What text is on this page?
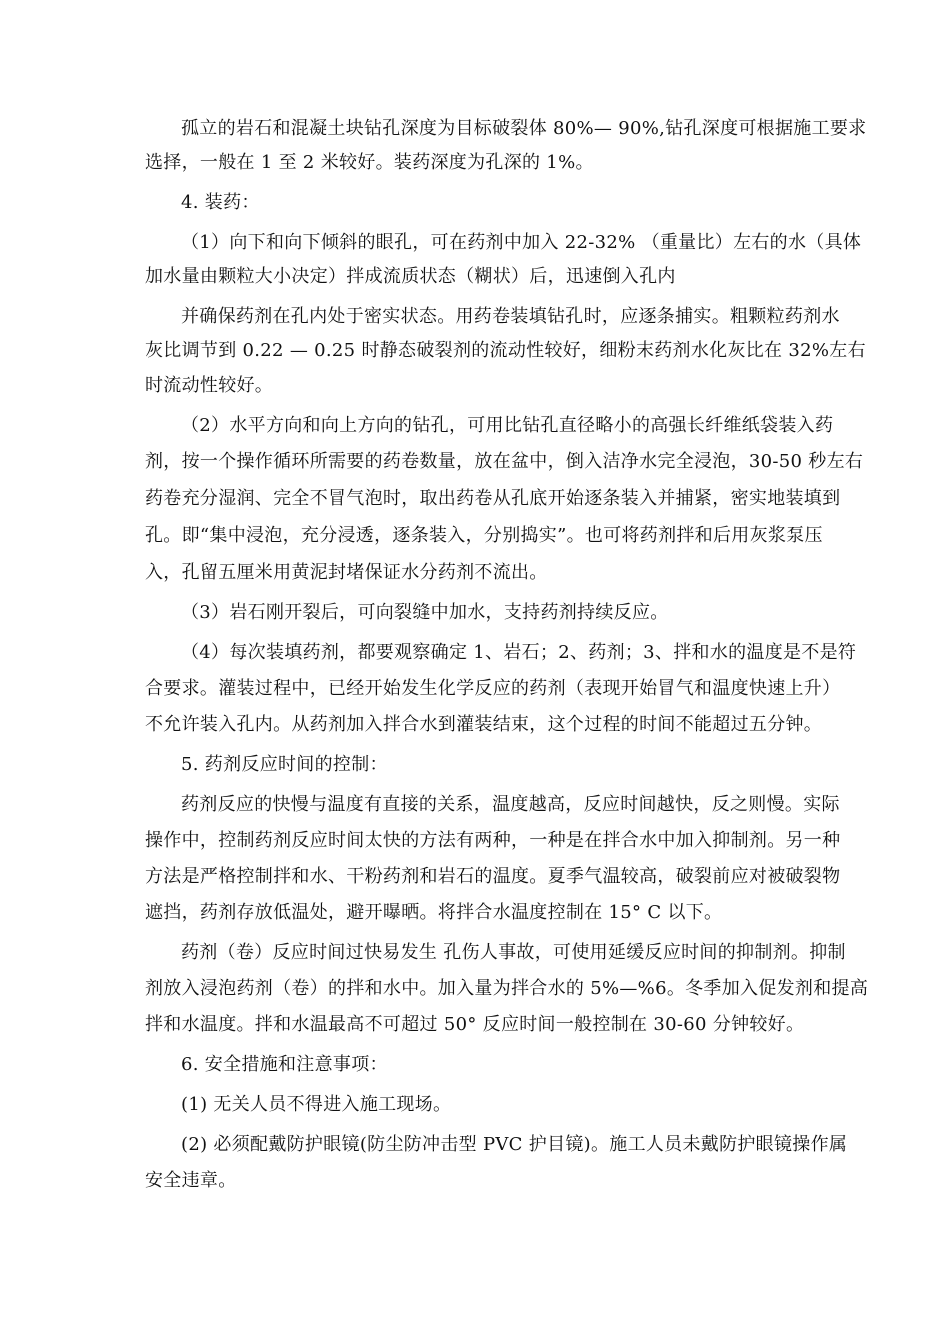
孤立的岩石和混凝土块钻孔深度为目标破裂体 80%— 90%,钻孔深度可根据施工要求
选择，一般在 1 至 2 米较好。装药深度为孔深的 1%。
4. 装药：
（1）向下和向下倾斜的眼孔，可在药剂中加入 22-32% （重量比）左右的水（具体
加水量由颗粒大小决定）拌成流质状态（糊状）后，迅速倒入孔内
并确保药剂在孔内处于密实状态。用药卷装填钻孔时，应逐条捕实。粗颗粒药剂水
灰比调节到 0.22 — 0.25 时静态破裂剂的流动性较好，细粉末药剂水化灰比在 32%左右
时流动性较好。
（2）水平方向和向上方向的钻孔，可用比钻孔直径略小的高强长纤维纸袋装入药
剂，按一个操作循环所需要的药卷数量，放在盆中，倒入洁净水完全浸泡，30-50 秒左右
药卷充分湿润、完全不冒气泡时，取出药卷从孔底开始逐条装入并捕紧，密实地装填到
孔。即“集中浸泡，充分浸透，逐条装入，分别捣实”。也可将药剂拌和后用灰浆泵压
入，孔留五厘米用黄泥封堵保证水分药剂不流出。
（3）岩石刚开裂后，可向裂缝中加水，支持药剂持续反应。
（4）每次装填药剂，都要观察确定 1、岩石；2、药剂；3、拌和水的温度是不是符
合要求。灌装过程中，已经开始发生化学反应的药剂（表现开始冒气和温度快速上升）
不允许装入孔内。从药剂加入拌合水到灌装结束，这个过程的时间不能超过五分钟。
5. 药剂反应时间的控制：
药剂反应的快慢与温度有直接的关系，温度越高，反应时间越快，反之则慢。实际
操作中，控制药剂反应时间太快的方法有两种，一种是在拌合水中加入抑制剂。另一种
方法是严格控制拌和水、干粉药剂和岩石的温度。夏季气温较高，破裂前应对被破裂物
遮挡，药剂存放低温处，避开曝晒。将拌合水温度控制在 15° C 以下。
药剂（卷）反应时间过快易发生 孔伤人事故，可使用延缓反应时间的抑制剂。抑制
剂放入浸泡药剂（卷）的拌和水中。加入量为拌合水的 5%—%6。冬季加入促发剂和提高
拌和水温度。拌和水温最高不可超过 50° 反应时间一般控制在 30-60 分钟较好。
6. 安全措施和注意事项：
(1) 无关人员不得进入施工现场。
(2) 必须配戴防护眼镜(防尘防冲击型 PVC 护目镜)。施工人员未戴防护眼镜操作属
安全违章。
